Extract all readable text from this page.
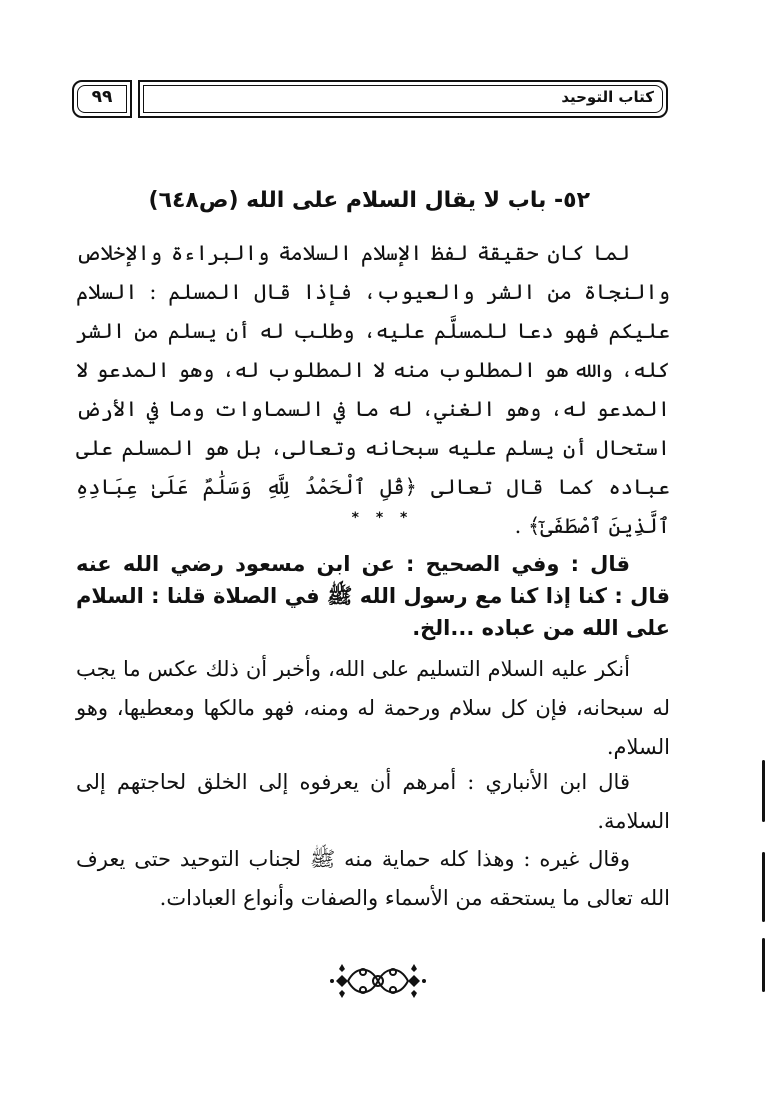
٩٩	كتاب التوحيد
٥٢- باب لا يقال السلام على الله (ص٦٤٨)
لما كان حقيقة لفظ الإسلام السلامة والبراءة والإخلاص والنجاة من الشر والعيوب، فإذا قال المسلم : السلام عليكم فهو دعا للمسلَّم عليه، وطلب له أن يسلم من الشر كله، والله هو المطلوب منه لا المطلوب له، وهو المدعو لا المدعو له، وهو الغني، له ما في السماوات وما في الأرض استحال أن يسلم عليه سبحانه وتعالى، بل هو المسلم على عباده كما قال تعالى ﴿قُلِ ٱلْحَمْدُ لِلَّهِ وَسَلَٰمٌ عَلَىٰ عِبَادِهِ ٱلَّذِينَ ٱصْطَفَىٰٓ﴾ .
* * *
قال : وفي الصحيح : عن ابن مسعود رضي الله عنه قال : كنا إذا كنا مع رسول الله ﷺ في الصلاة قلنا : السلام على الله من عباده ...الخ.
أنكر عليه السلام التسليم على الله، وأخبر أن ذلك عكس ما يجب له سبحانه، فإن كل سلام ورحمة له ومنه، فهو مالكها ومعطيها، وهو السلام.
قال ابن الأنباري : أمرهم أن يعرفوه إلى الخلق لحاجتهم إلى السلامة.
وقال غيره : وهذا كله حماية منه ﷺ لجناب التوحيد حتى يعرف الله تعالى ما يستحقه من الأسماء والصفات وأنواع العبادات.
